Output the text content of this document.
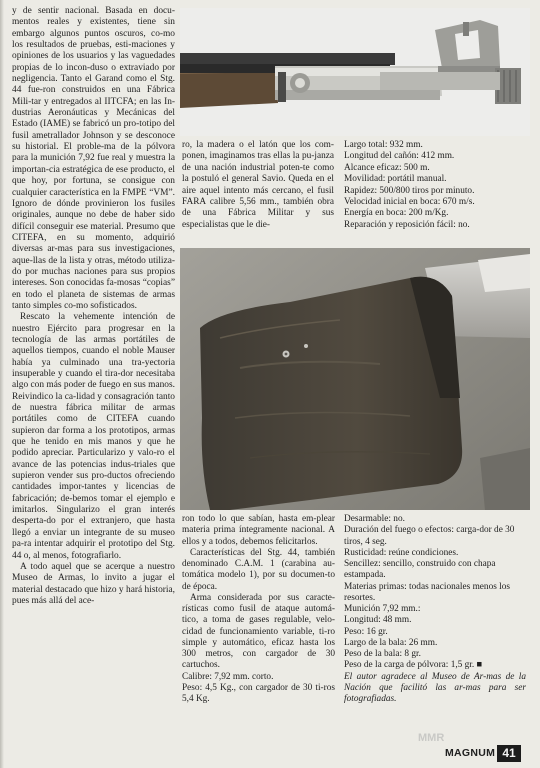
y de sentir nacional. Basada en docu-mentos reales y existentes, tiene sin embargo algunos puntos oscuros, co-mo los resultados de pruebas, esti-maciones y opiniones de los usuarios y las vaguedades propias de lo incon-duso o extraviado por negligencia. Tanto el Garand como el Stg. 44 fue-ron construidos en una Fábrica Mili-tar y entregados al IITCFA; en las In-dustrias Aeronáuticas y Mecánicas del Estado (IAME) se fabricó un pro-totipo del fusil ametrallador Johnson y se desconoce su historial. El proble-ma de la pólvora para la munición 7,92 fue real y muestra la importan-cia estratégica de ese producto, el que hoy, por fortuna, se consigue con cualquier característica en la FMPE “VM”. Ignoro de dónde provinieron los fusiles originales, aunque no debe de haber sido difícil conseguir ese material. Presumo que CITEFA, en su momento, adquirió diversas ar-mas para sus investigaciones, aque-llas de la lista y otras, método utiliza-do por muchas naciones para sus propios intereses. Son conocidas fa-mosas “copias” en todo el planeta de sistemas de armas tanto simples co-mo sofisticados.

Rescato la vehemente intención de nuestro Ejército para progresar en la tecnología de las armas portátiles de aquellos tiempos, cuando el noble Mauser había ya culminado una tra-yectoria insuperable y cuando el tira-dor necesitaba algo con más poder de fuego en sus manos. Reivindico la ca-lidad y consagración tanto de nuestra fábrica militar de armas portátiles como de CITEFA cuando supieron dar forma a los prototipos, armas que he tenido en mis manos y que he podido apreciar. Particularizo y valo-ro el avance de las potencias indus-triales que supieron vender sus pro-ductos ofreciendo cantidades impor-tantes y licencias de fabricación; de-bemos tomar el ejemplo e imitarlos. Singularizo el gran interés desperta-do por el extranjero, que hasta llegó a enviar un integrante de su museo pa-ra intentar adquirir el prototipo del Stg. 44 o, al menos, fotografiarlo.

A todo aquel que se acerque a nuestro Museo de Armas, lo invito a jugar el material destacado que hizo y hará historia, pues más allá del ace-

ro, la madera o el latón que los com-ponen, imaginamos tras ellas la pu-janza de una nación industrial poten-te como la postuló el general Savio. Queda en el aire aquel intento más cercano, el fusil FARA calibre 5,56 mm., también obra de una Fábrica Militar y sus especialistas que le die-

Largo total: 932 mm.
Longitud del cañón: 412 mm.
Alcance eficaz: 500 m.
Movilidad: portátil manual.
Rapidez: 500/800 tiros por minuto.
Velocidad inicial en boca: 670 m/s.
Energía en boca: 200 m/Kg.
Reparación y reposición fácil: no.

ron todo lo que sabían, hasta em-plear materia prima íntegramente nacional. A ellos y a todos, debemos felicitarlos.

Características del Stg. 44, también denominado C.A.M. 1 (carabina au-tomática modelo 1), por su documen-to de época.

Arma considerada por sus caracte-rísticas como fusil de ataque automá-tico, a toma de gases regulable, velo-cidad de funcionamiento variable, ti-ro simple y automático, eficaz hasta los 300 metros, con cargador de 30 cartuchos.

Calibre: 7,92 mm. corto.
Peso: 4,5 Kg., con cargador de 30 ti-ros 5,4 Kg.
Desarmable: no.
Duración del fuego o efectos: carga-dor de 30 tiros, 4 seg.
Rusticidad: reúne condiciones.
Sencillez: sencillo, construido con chapa estampada.
Materias primas: todas nacionales menos los resortes.
Munición 7,92 mm.:
Longitud: 48 mm.
Peso: 16 gr.
Largo de la bala: 26 mm.
Peso de la bala: 8 gr.
Peso de la carga de pólvora: 1,5 gr. ■

El autor agradece al Museo de Ar-mas de la Nación que facilitó las ar-mas para ser fotografiadas.

MMR
MAGNUM 41
